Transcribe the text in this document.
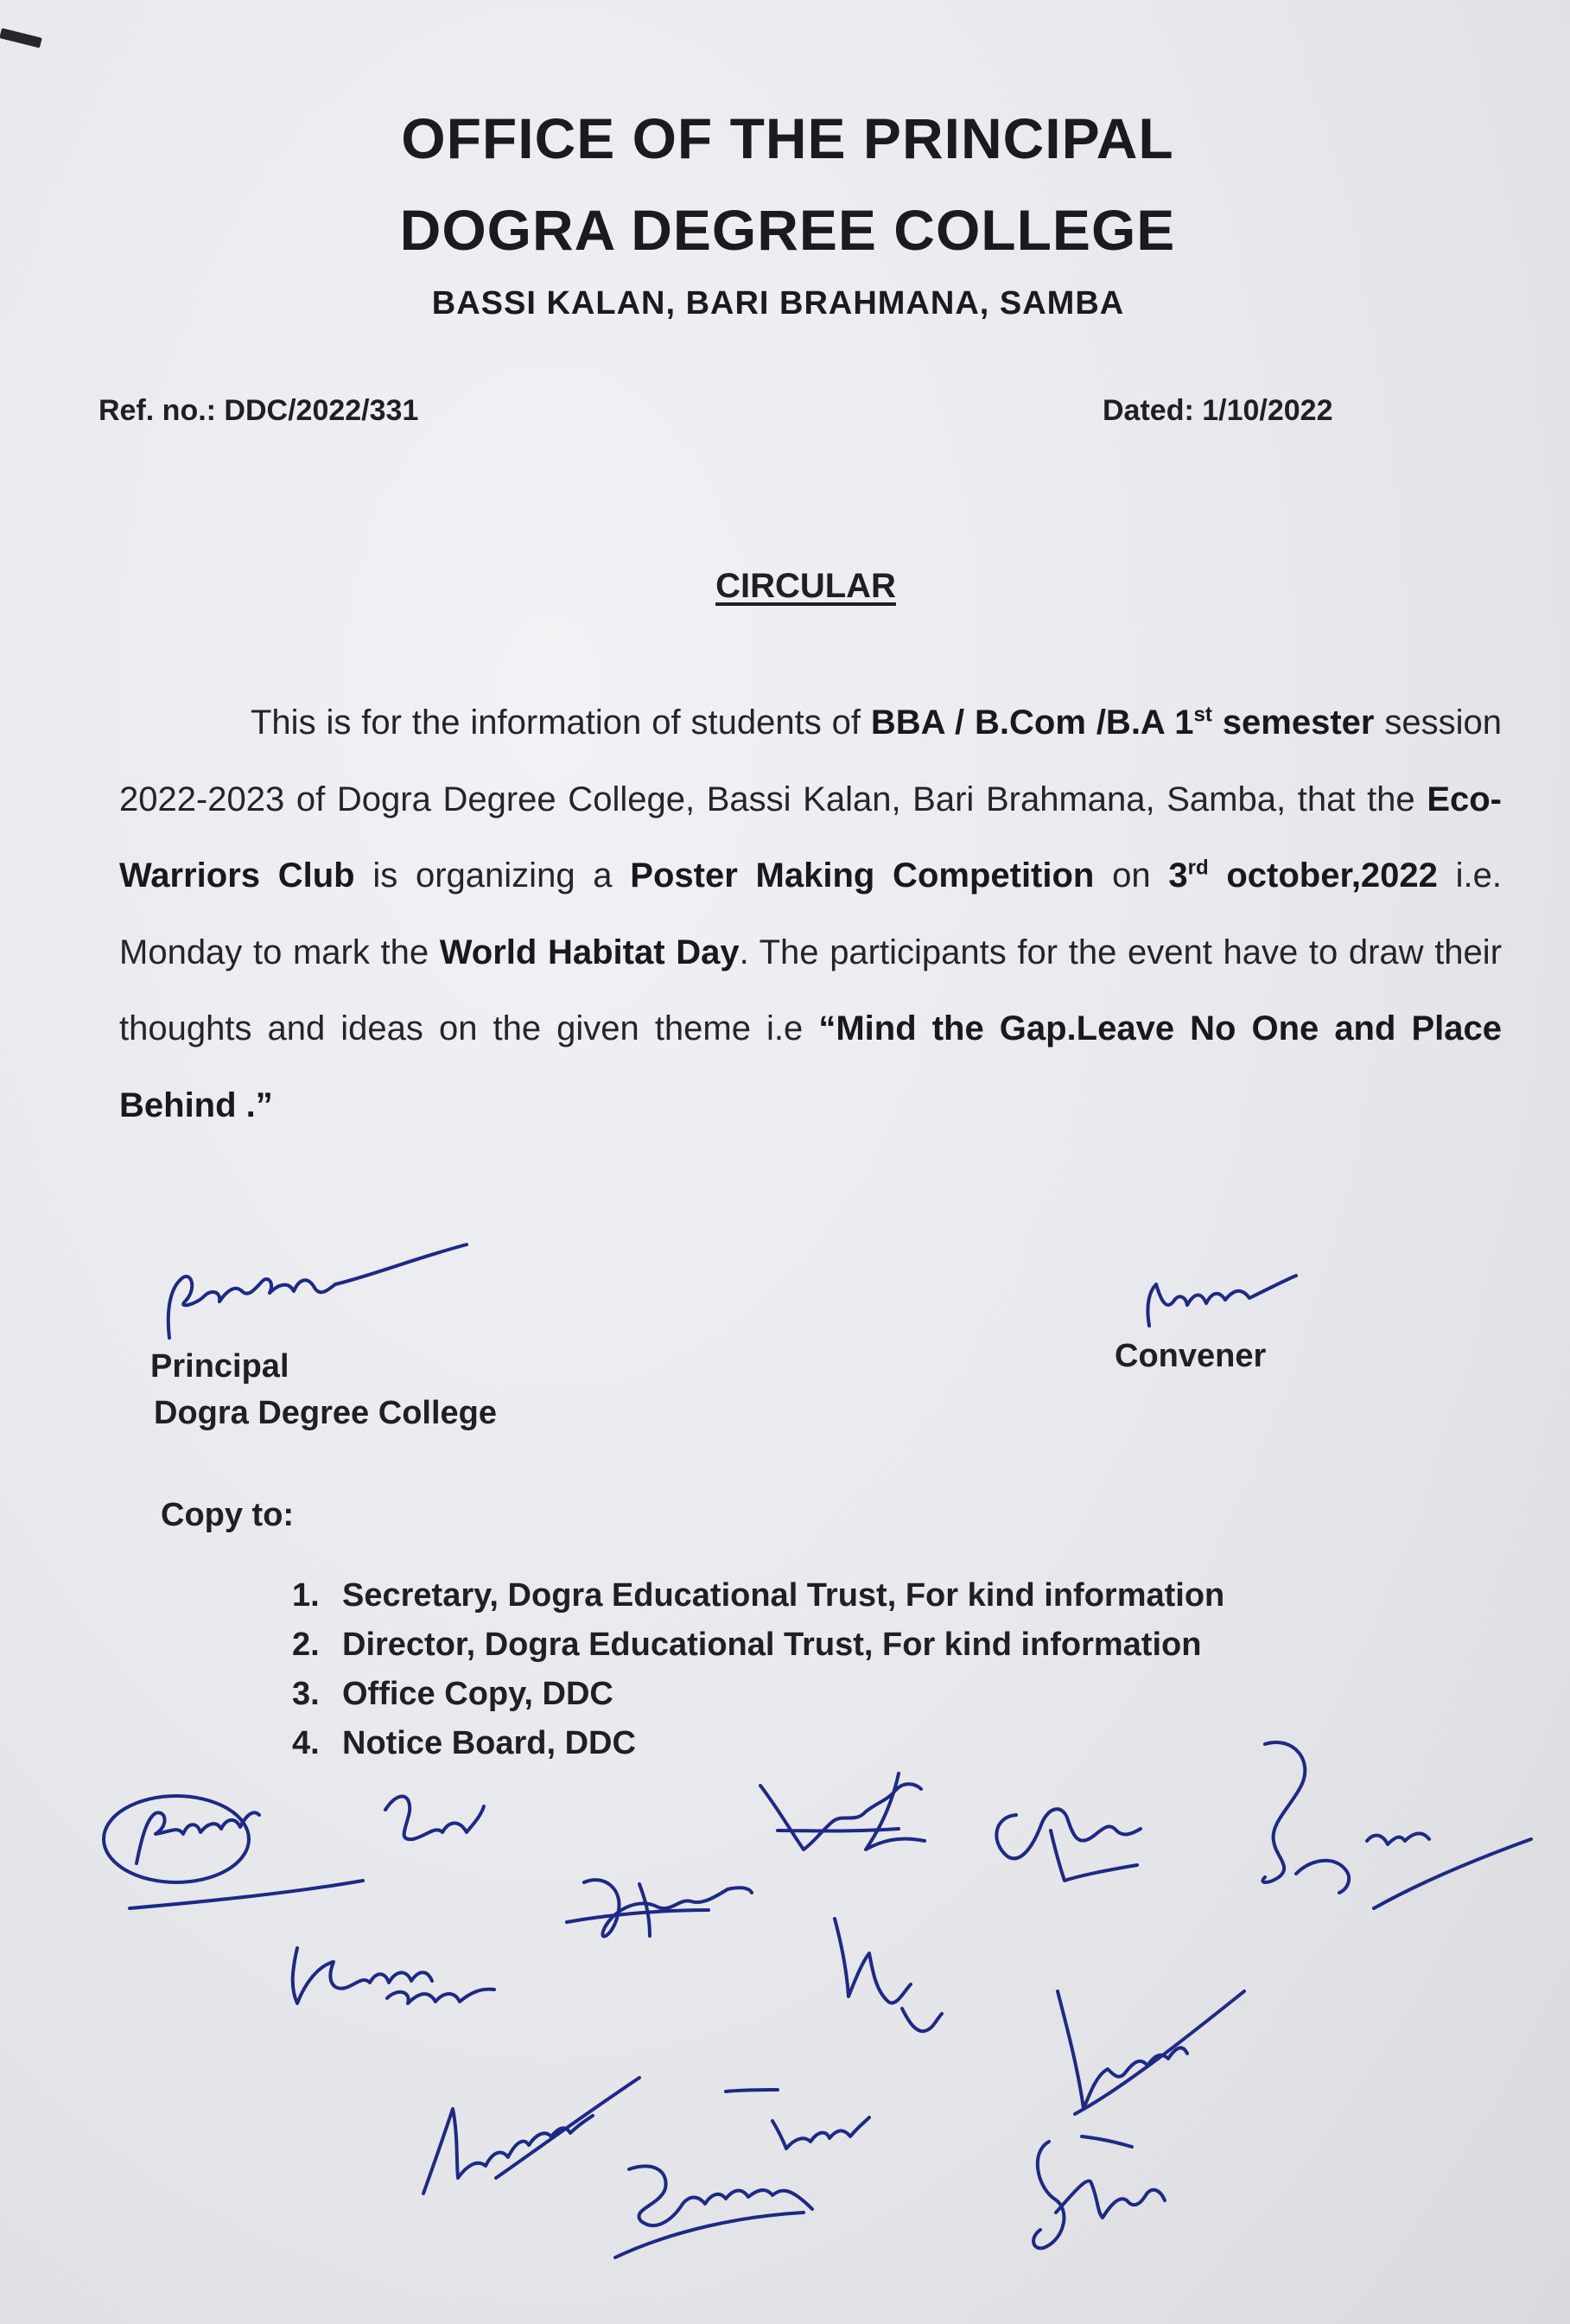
OFFICE OF THE PRINCIPAL
DOGRA DEGREE COLLEGE
BASSI KALAN, BARI BRAHMANA, SAMBA
Ref. no.: DDC/2022/331	Dated: 1/10/2022
CIRCULAR

This is for the information of students of BBA / B.Com /B.A 1st semester session 2022-2023 of Dogra Degree College, Bassi Kalan, Bari Brahmana, Samba, that the Eco- Warriors Club is organizing a Poster Making Competition on 3rd october,2022 i.e. Monday to mark the World Habitat Day. The participants for the event have to draw their thoughts and ideas on the given theme i.e “Mind the Gap.Leave No One and Place Behind .”

Principal
Dogra Degree College
Convener
Copy to:
1. Secretary, Dogra Educational Trust, For kind information
2. Director, Dogra Educational Trust, For kind information
3. Office Copy, DDC
4. Notice Board, DDC
